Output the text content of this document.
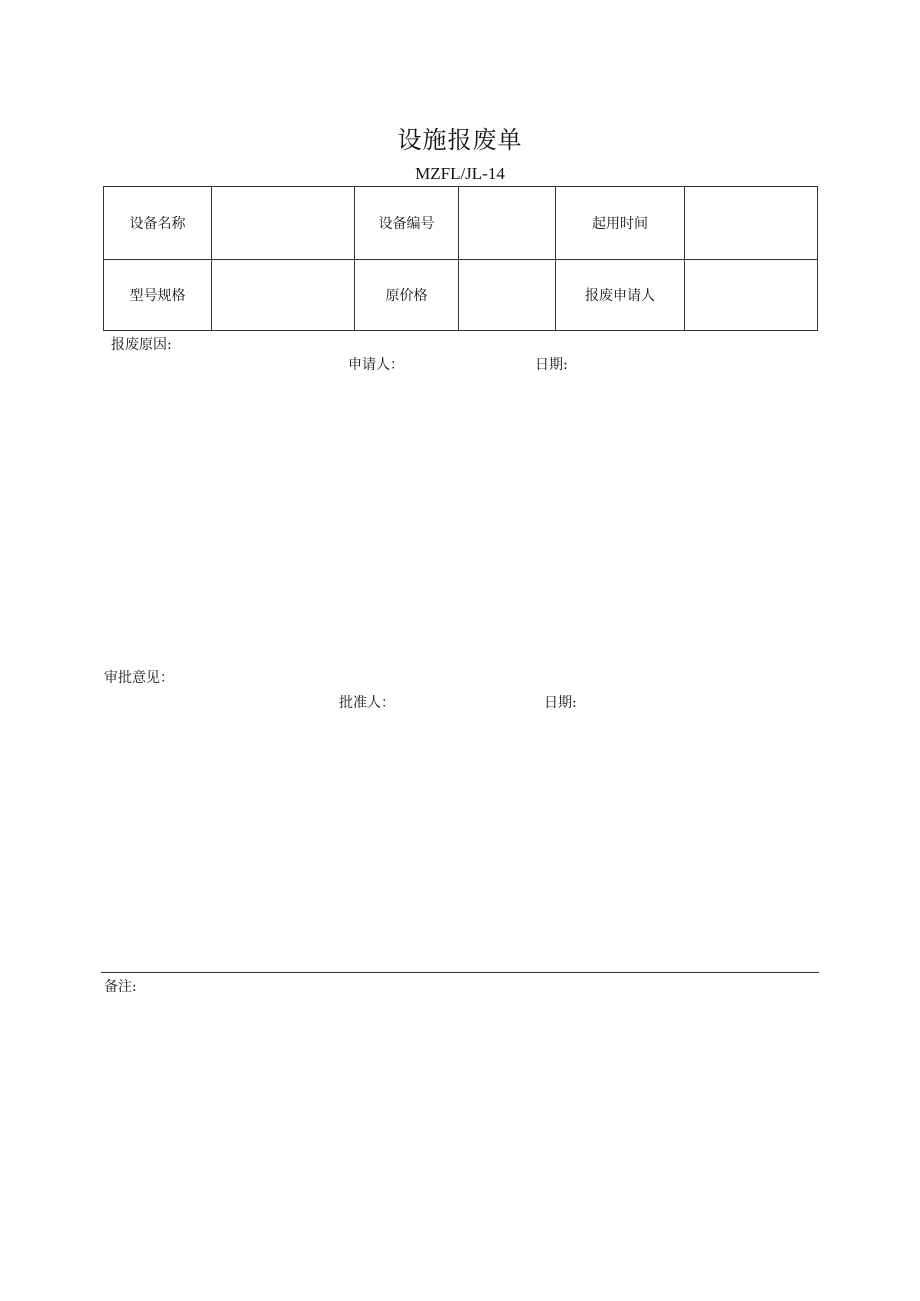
设施报废单
MZFL/JL-14
设备名称		设备编号		起用时间	
型号规格		原价格		报废申请人	
报废原因:
申请人：	日期:
审批意见：
批准人：	日期:
备注:
